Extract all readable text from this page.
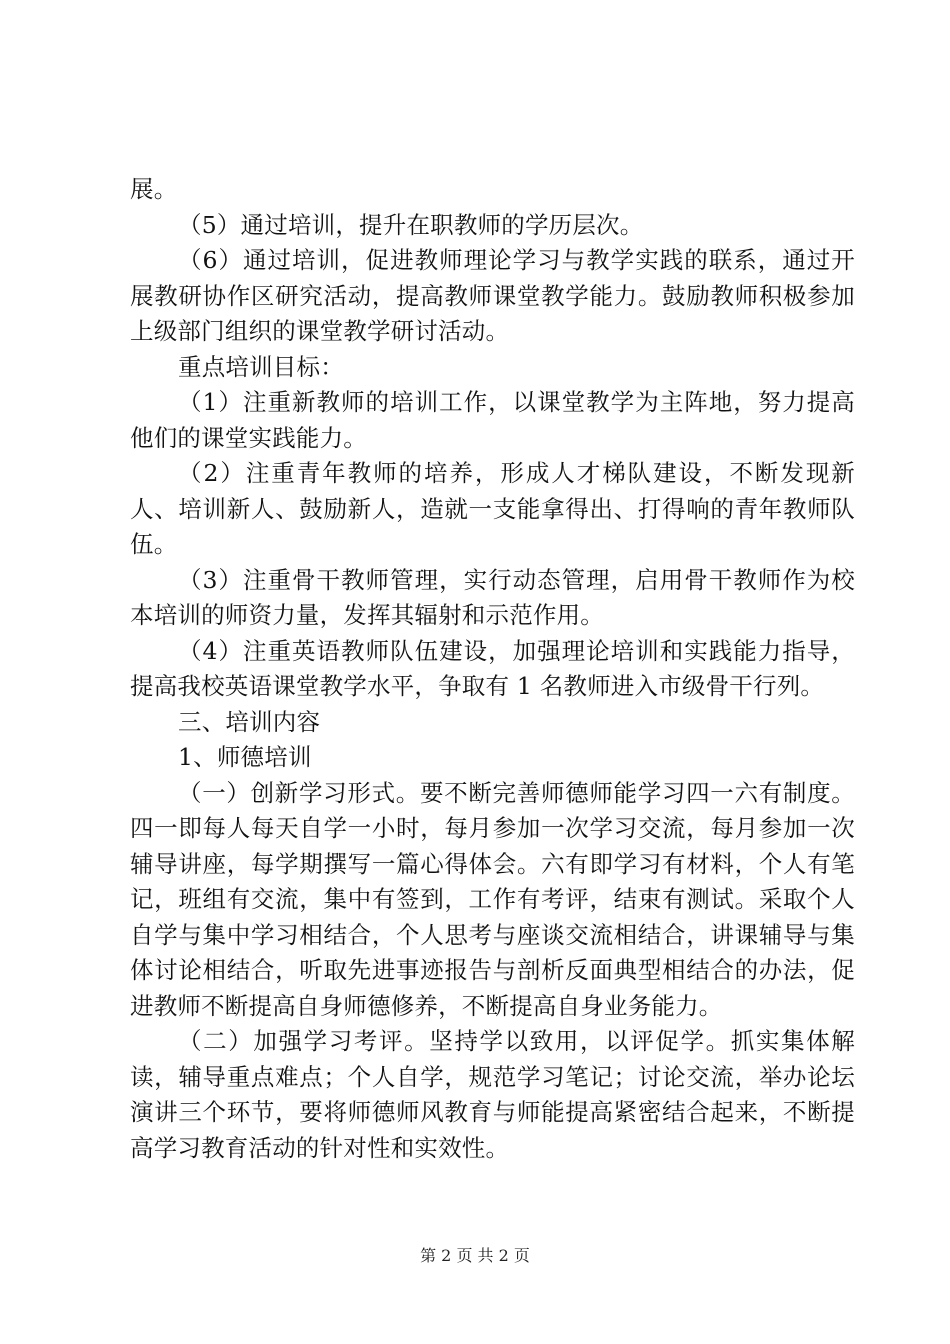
展。

（5）通过培训，提升在职教师的学历层次。

（6）通过培训，促进教师理论学习与教学实践的联系，通过开展教研协作区研究活动，提高教师课堂教学能力。鼓励教师积极参加上级部门组织的课堂教学研讨活动。

重点培训目标：

（1）注重新教师的培训工作，以课堂教学为主阵地，努力提高他们的课堂实践能力。

（2）注重青年教师的培养，形成人才梯队建设，不断发现新人、培训新人、鼓励新人，造就一支能拿得出、打得响的青年教师队伍。

（3）注重骨干教师管理，实行动态管理，启用骨干教师作为校本培训的师资力量，发挥其辐射和示范作用。

（4）注重英语教师队伍建设，加强理论培训和实践能力指导，提高我校英语课堂教学水平，争取有 1 名教师进入市级骨干行列。

三、培训内容

1、师德培训

（一）创新学习形式。要不断完善师德师能学习四一六有制度。四一即每人每天自学一小时，每月参加一次学习交流，每月参加一次辅导讲座，每学期撰写一篇心得体会。六有即学习有材料，个人有笔记，班组有交流，集中有签到，工作有考评，结束有测试。采取个人自学与集中学习相结合，个人思考与座谈交流相结合，讲课辅导与集体讨论相结合，听取先进事迹报告与剖析反面典型相结合的办法，促进教师不断提高自身师德修养，不断提高自身业务能力。

（二）加强学习考评。坚持学以致用，以评促学。抓实集体解读，辅导重点难点；个人自学，规范学习笔记；讨论交流，举办论坛演讲三个环节，要将师德师风教育与师能提高紧密结合起来，不断提高学习教育活动的针对性和实效性。

第 2 页 共 2 页
